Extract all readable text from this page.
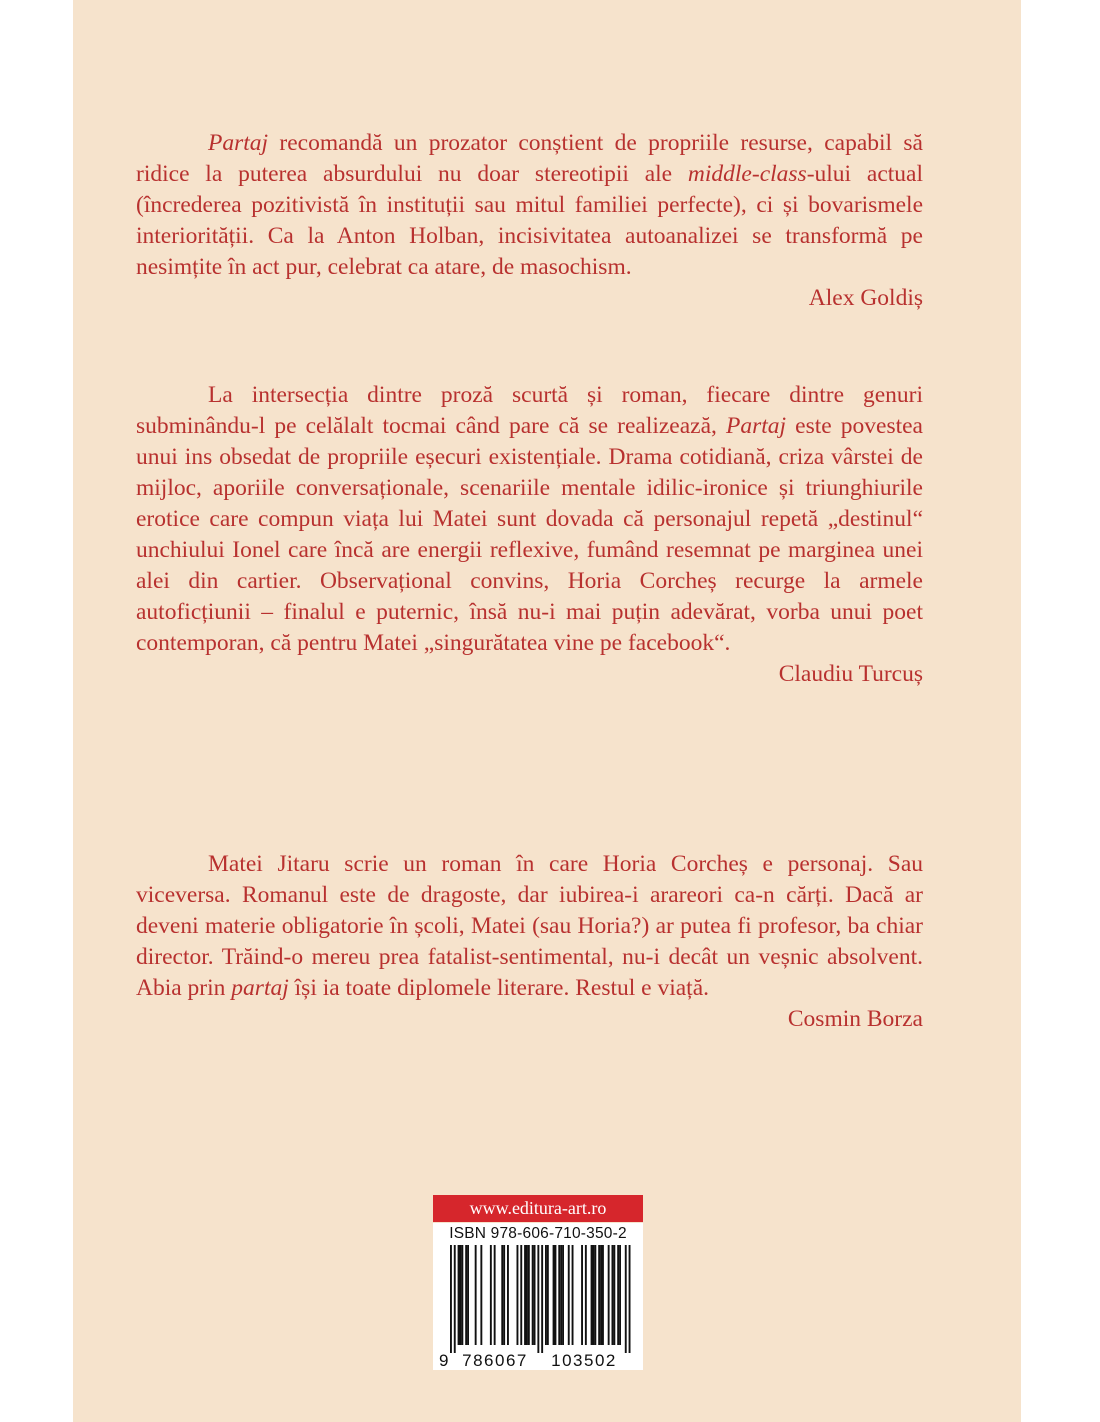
Partaj recomandă un prozator conștient de propriile resurse, capabil să ridice la puterea absurdului nu doar stereotipii ale middle-class-ului actual (încrederea pozitivistă în instituții sau mitul familiei perfecte), ci și bovarismele interiorității. Ca la Anton Holban, incisivitatea autoanalizei se transformă pe nesimțite în act pur, celebrat ca atare, de masochism.

Alex Goldiș

La intersecția dintre proză scurtă și roman, fiecare dintre genuri subminându-l pe celălalt tocmai când pare că se realizează, Partaj este povestea unui ins obsedat de propriile eșecuri existențiale. Drama cotidiană, criza vârstei de mijloc, aporiile conversaționale, scenariile mentale idilic-ironice și triunghiurile erotice care compun viața lui Matei sunt dovada că personajul repetă „destinul“ unchiului Ionel care încă are energii reflexive, fumând resemnat pe marginea unei alei din cartier. Observațional convins, Horia Corcheș recurge la armele autoficțiunii – finalul e puternic, însă nu-i mai puțin adevărat, vorba unui poet contemporan, că pentru Matei „singurătatea vine pe facebook“.

Claudiu Turcuș

Matei Jitaru scrie un roman în care Horia Corcheș e personaj. Sau viceversa. Romanul este de dragoste, dar iubirea-i arareori ca-n cărți. Dacă ar deveni materie obligatorie în școli, Matei (sau Horia?) ar putea fi profesor, ba chiar director. Trăind-o mereu prea fatalist-sentimental, nu-i decât un veșnic absolvent. Abia prin partaj își ia toate diplomele literare. Restul e viață.

Cosmin Borza

www.editura-art.ro
ISBN 978-606-710-350-2
9 786067 103502
